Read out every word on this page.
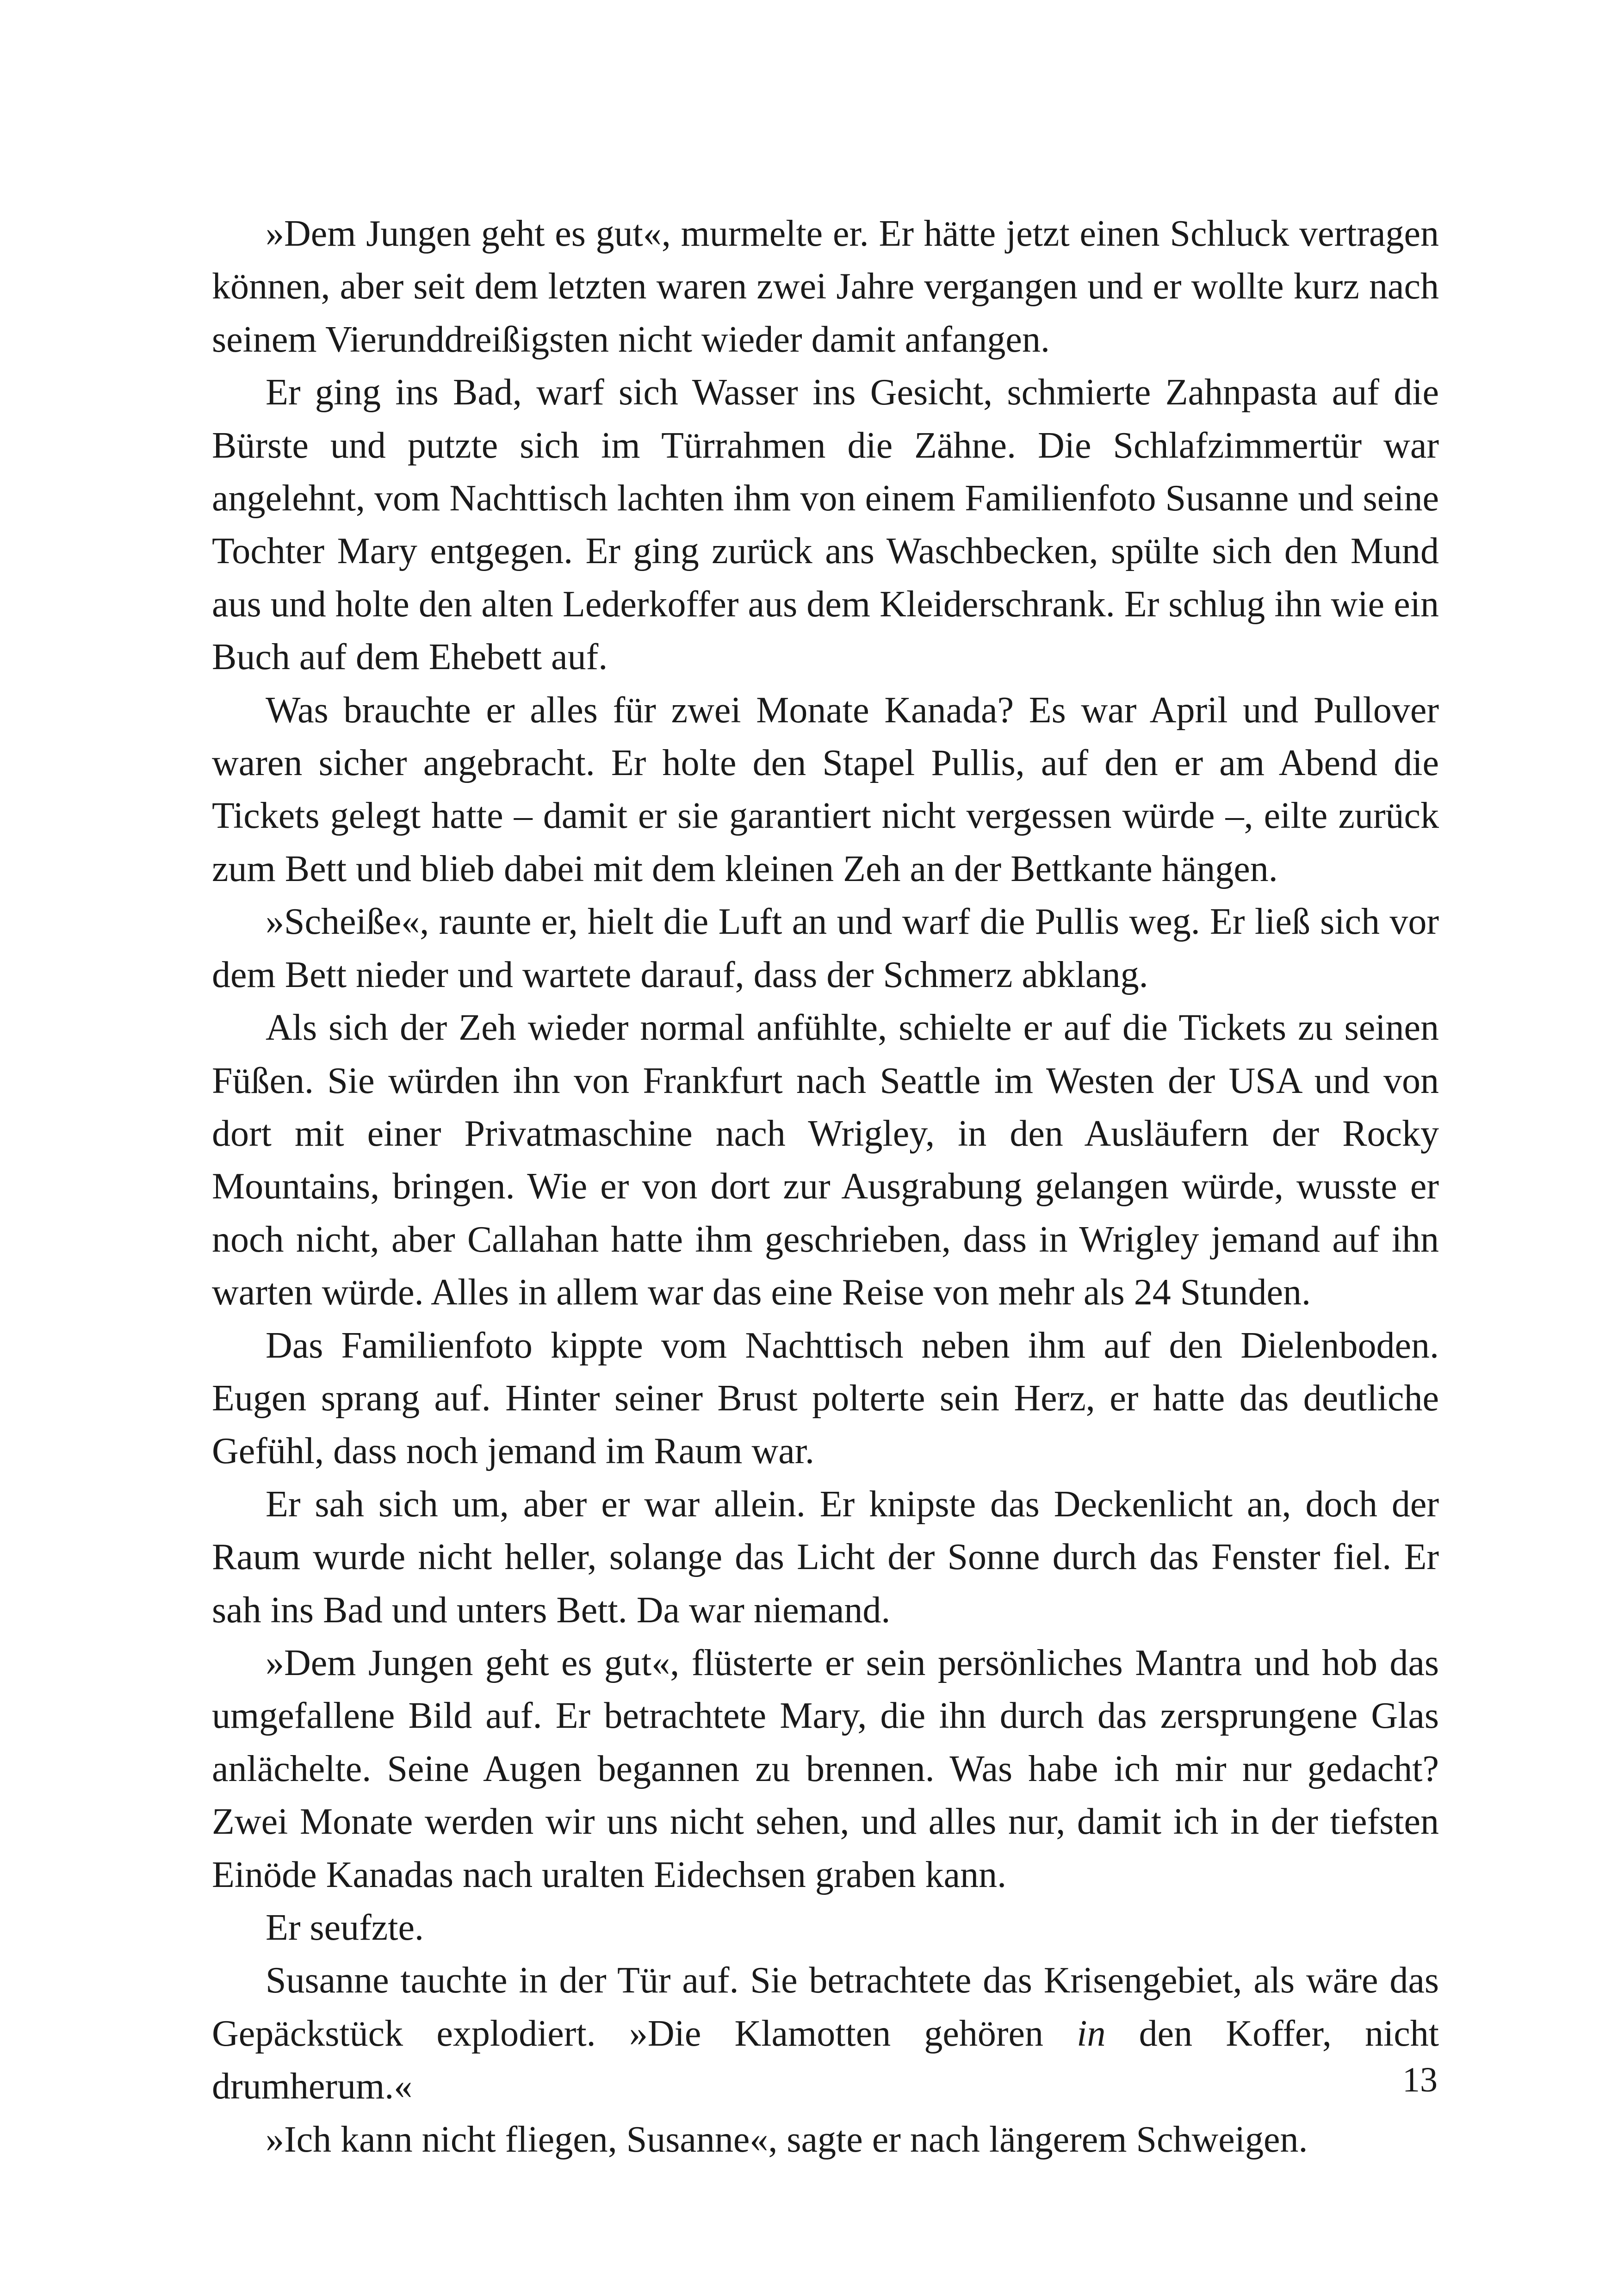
»Dem Jungen geht es gut«, murmelte er. Er hätte jetzt einen Schluck vertragen können, aber seit dem letzten waren zwei Jahre vergangen und er wollte kurz nach seinem Vierunddreißigsten nicht wieder damit anfangen.

Er ging ins Bad, warf sich Wasser ins Gesicht, schmierte Zahnpasta auf die Bürste und putzte sich im Türrahmen die Zähne. Die Schlafzimmertür war angelehnt, vom Nachttisch lachten ihm von einem Familienfoto Susanne und seine Tochter Mary entgegen. Er ging zurück ans Waschbecken, spülte sich den Mund aus und holte den alten Lederkoffer aus dem Kleiderschrank. Er schlug ihn wie ein Buch auf dem Ehebett auf.

Was brauchte er alles für zwei Monate Kanada? Es war April und Pullover waren sicher angebracht. Er holte den Stapel Pullis, auf den er am Abend die Tickets gelegt hatte – damit er sie garantiert nicht vergessen würde –, eilte zurück zum Bett und blieb dabei mit dem kleinen Zeh an der Bettkante hängen.

»Scheiße«, raunte er, hielt die Luft an und warf die Pullis weg. Er ließ sich vor dem Bett nieder und wartete darauf, dass der Schmerz abklang.

Als sich der Zeh wieder normal anfühlte, schielte er auf die Tickets zu seinen Füßen. Sie würden ihn von Frankfurt nach Seattle im Westen der USA und von dort mit einer Privatmaschine nach Wrigley, in den Ausläufern der Rocky Mountains, bringen. Wie er von dort zur Ausgrabung gelangen würde, wusste er noch nicht, aber Callahan hatte ihm geschrieben, dass in Wrigley jemand auf ihn warten würde. Alles in allem war das eine Reise von mehr als 24 Stunden.

Das Familienfoto kippte vom Nachttisch neben ihm auf den Dielenboden. Eugen sprang auf. Hinter seiner Brust polterte sein Herz, er hatte das deutliche Gefühl, dass noch jemand im Raum war.

Er sah sich um, aber er war allein. Er knipste das Deckenlicht an, doch der Raum wurde nicht heller, solange das Licht der Sonne durch das Fenster fiel. Er sah ins Bad und unters Bett. Da war niemand.

»Dem Jungen geht es gut«, flüsterte er sein persönliches Mantra und hob das umgefallene Bild auf. Er betrachtete Mary, die ihn durch das zersprungene Glas anlächelte. Seine Augen begannen zu brennen. Was habe ich mir nur gedacht? Zwei Monate werden wir uns nicht sehen, und alles nur, damit ich in der tiefsten Einöde Kanadas nach uralten Eidechsen graben kann.

Er seufzte.

Susanne tauchte in der Tür auf. Sie betrachtete das Krisengebiet, als wäre das Gepäckstück explodiert. »Die Klamotten gehören in den Koffer, nicht drumherum.«

»Ich kann nicht fliegen, Susanne«, sagte er nach längerem Schweigen.

13
